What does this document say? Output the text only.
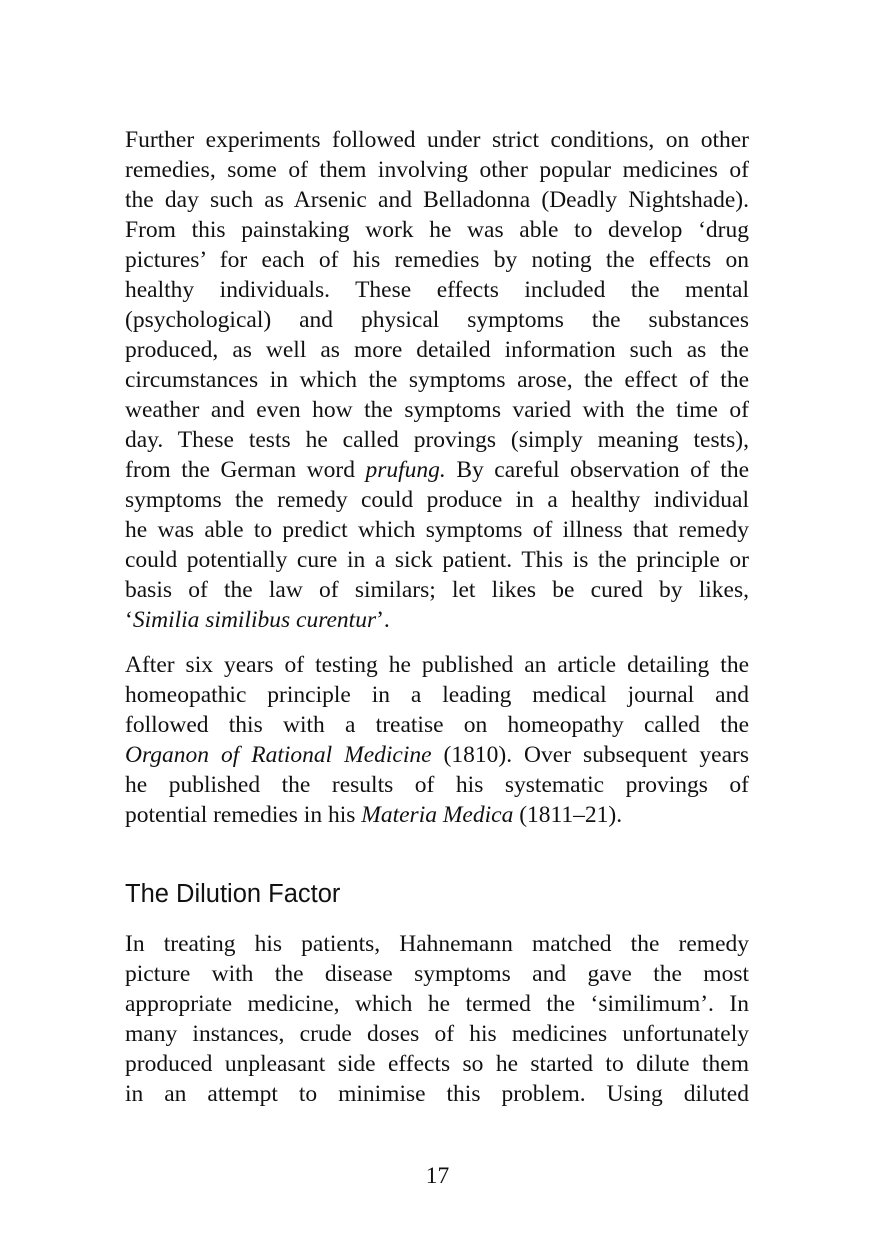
Further experiments followed under strict conditions, on other
remedies, some of them involving other popular medicines of
the day such as Arsenic and Belladonna (Deadly Nightshade).
From this painstaking work he was able to develop ‘drug
pictures’ for each of his remedies by noting the effects on
healthy individuals. These effects included the mental
(psychological) and physical symptoms the substances
produced, as well as more detailed information such as the
circumstances in which the symptoms arose, the effect of the
weather and even how the symptoms varied with the time of
day. These tests he called provings (simply meaning tests),
from the German word prufung. By careful observation of the
symptoms the remedy could produce in a healthy individual
he was able to predict which symptoms of illness that remedy
could potentially cure in a sick patient. This is the principle or
basis of the law of similars; let likes be cured by likes,
‘Similia similibus curentur’.
After six years of testing he published an article detailing the
homeopathic principle in a leading medical journal and
followed this with a treatise on homeopathy called the
Organon of Rational Medicine (1810). Over subsequent years
he published the results of his systematic provings of
potential remedies in his Materia Medica (1811–21).
The Dilution Factor
In treating his patients, Hahnemann matched the remedy
picture with the disease symptoms and gave the most
appropriate medicine, which he termed the ‘similimum’. In
many instances, crude doses of his medicines unfortunately
produced unpleasant side effects so he started to dilute them
in an attempt to minimise this problem. Using diluted
17
